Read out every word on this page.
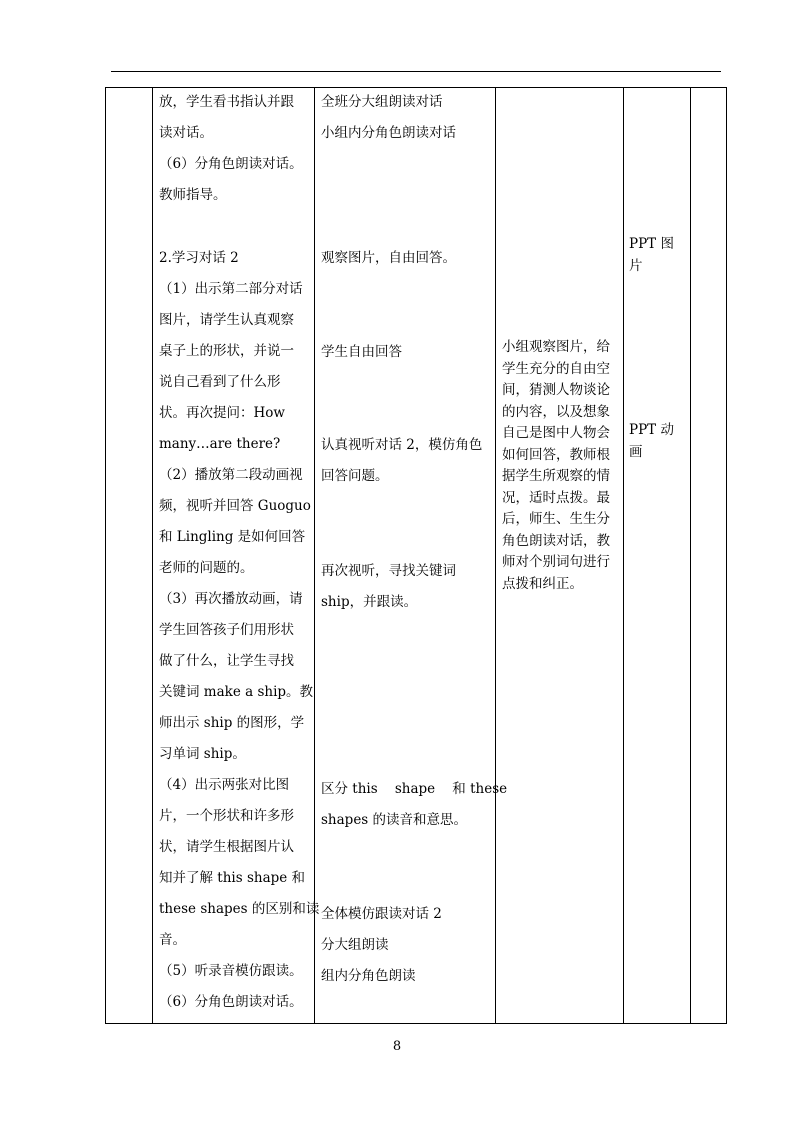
放，学生看书指认并跟
读对话。
（6）分角色朗读对话。
教师指导。
2.学习对话 2
（1）出示第二部分对话
图片，请学生认真观察
桌子上的形状，并说一
说自己看到了什么形
状。再次提问：How
many…are there?
（2）播放第二段动画视
频，视听并回答 Guoguo
和 Lingling 是如何回答
老师的问题的。
（3）再次播放动画，请
学生回答孩子们用形状
做了什么，让学生寻找
关键词 make a ship。教
师出示 ship 的图形，学
习单词 ship。
（4）出示两张对比图
片，一个形状和许多形
状，请学生根据图片认
知并了解 this shape 和
these shapes 的区别和读
音。
（5）听录音模仿跟读。
（6）分角色朗读对话。
全班分大组朗读对话
小组内分角色朗读对话
观察图片，自由回答。
学生自由回答
认真视听对话 2，模仿角色
回答问题。
再次视听，寻找关键词
ship，并跟读。
区分 this    shape    和 these
shapes 的读音和意思。
全体模仿跟读对话 2
分大组朗读
组内分角色朗读
小组观察图片，给
学生充分的自由空
间，猜测人物谈论
的内容，以及想象
自己是图中人物会
如何回答，教师根
据学生所观察的情
况，适时点拨。最
后，师生、生生分
角色朗读对话，教
师对个别词句进行
点拨和纠正。
PPT 图
片
PPT 动
画
8
